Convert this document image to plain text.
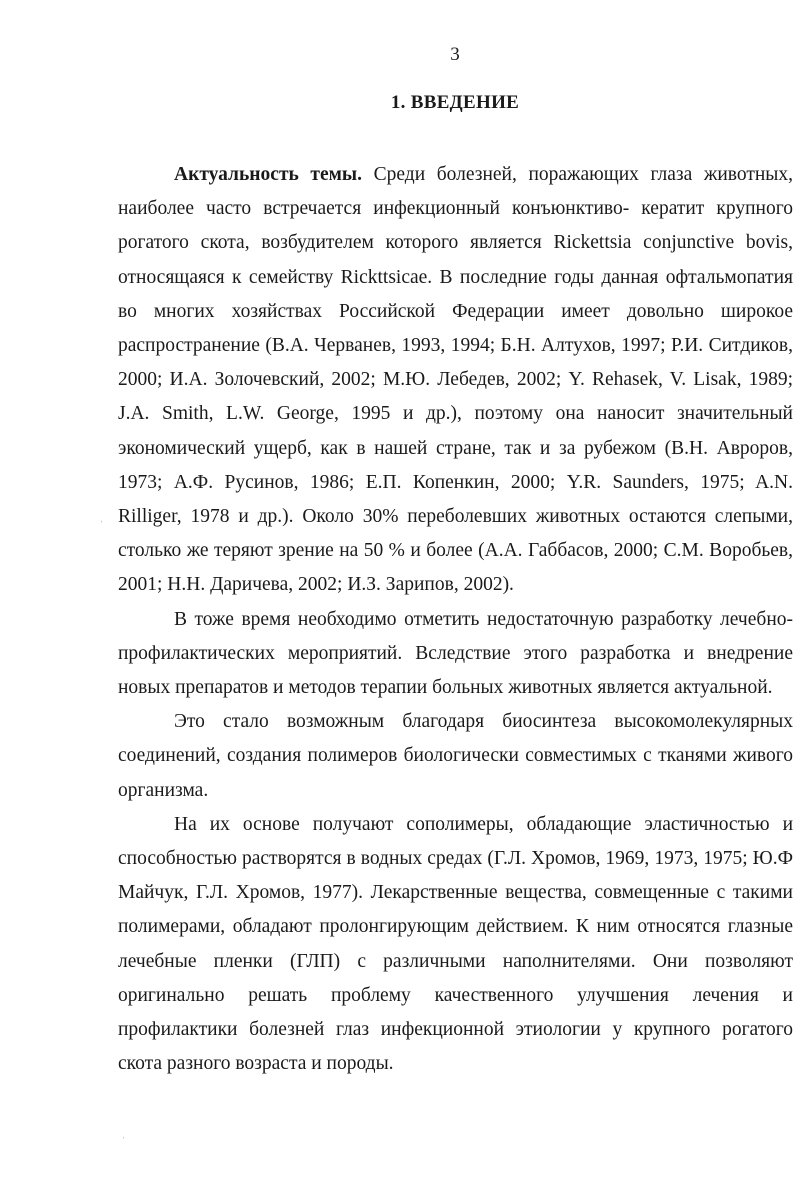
3
1. ВВЕДЕНИЕ

Актуальность темы. Среди болезней, поражающих глаза животных, наиболее часто встречается инфекционный конъюнктиво- кератит крупного рогатого скота, возбудителем которого является Rickettsia conjunctive bovis, относящаяся к семейству Rickttsicae. В последние годы данная офтальмопатия во многих хозяйствах Российской Федерации имеет довольно широкое распространение (В.А. Черванев, 1993, 1994; Б.Н. Алтухов, 1997; Р.И. Ситдиков, 2000; И.А. Золочевский, 2002; М.Ю. Лебедев, 2002; Y. Rehasek, V. Lisak, 1989; J.A. Smith, L.W. George, 1995 и др.), поэтому она наносит значительный экономический ущерб, как в нашей стране, так и за рубежом (В.Н. Авроров, 1973; А.Ф. Русинов, 1986; Е.П. Копенкин, 2000; Y.R. Saunders, 1975; A.N. Rilliger, 1978 и др.). Около 30% переболевших животных остаются слепыми, столько же теряют зрение на 50 % и более (А.А. Габбасов, 2000; С.М. Воробьев, 2001; Н.Н. Даричева, 2002; И.З. Зарипов, 2002).

В тоже время необходимо отметить недостаточную разработку лечебно-профилактических мероприятий. Вследствие этого разработка и внедрение новых препаратов и методов терапии больных животных является актуальной.

Это стало возможным благодаря биосинтеза высокомолекулярных соединений, создания полимеров биологически совместимых с тканями живого организма.

На их основе получают сополимеры, обладающие эластичностью и способностью растворятся в водных средах (Г.Л. Хромов, 1969, 1973, 1975; Ю.Ф Майчук, Г.Л. Хромов, 1977). Лекарственные вещества, совмещенные с такими полимерами, обладают пролонгирующим действием. К ним относятся глазные лечебные пленки (ГЛП) с различными наполнителями. Они позволяют оригинально решать проблему качественного улучшения лечения и профилактики болезней глаз инфекционной этиологии у крупного рогатого скота разного возраста и породы.

ˌ
ˌ
